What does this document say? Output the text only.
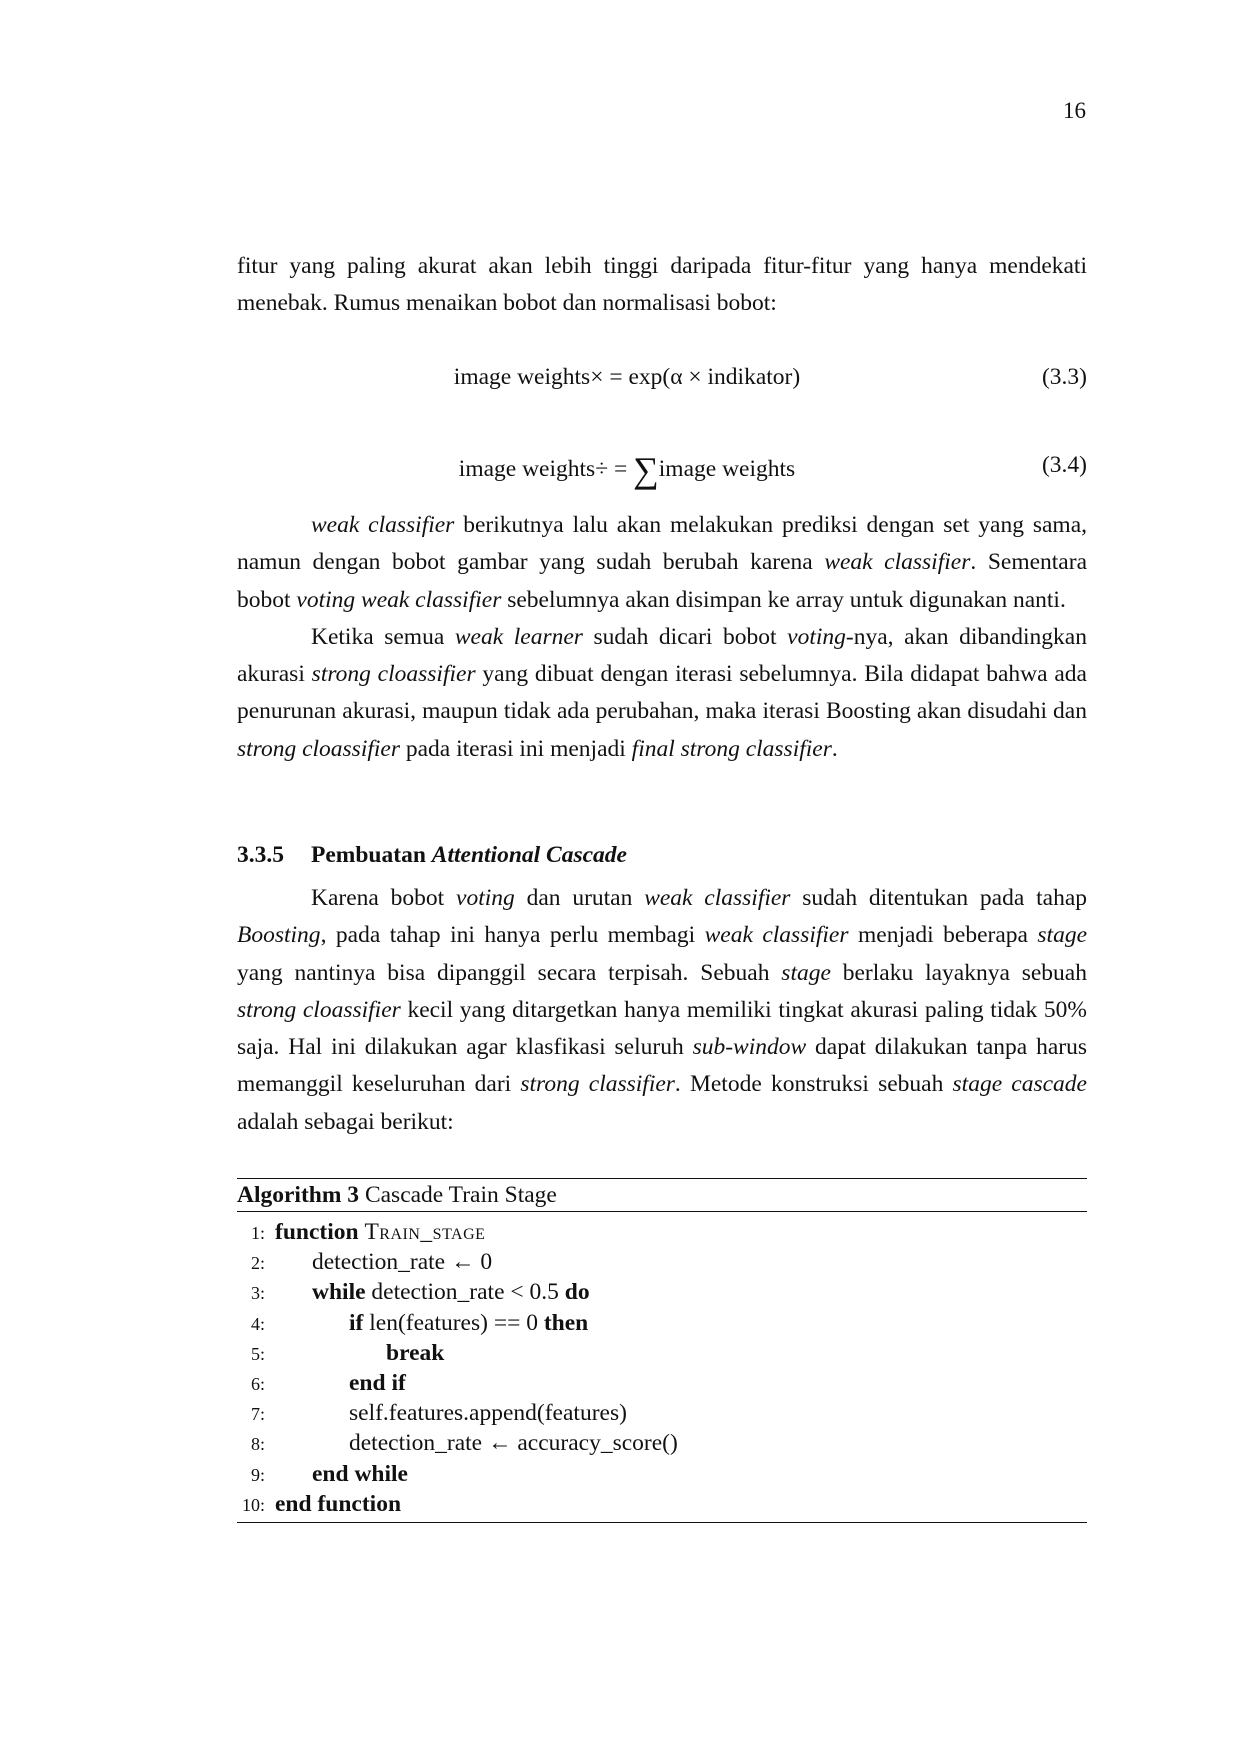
16

fitur yang paling akurat akan lebih tinggi daripada fitur-fitur yang hanya mendekati menebak. Rumus menaikan bobot dan normalisasi bobot:

image weights× = exp(α × indikator)	(3.3)
image weights÷ = ∑image weights	(3.4)

weak classifier berikutnya lalu akan melakukan prediksi dengan set yang sama, namun dengan bobot gambar yang sudah berubah karena weak classifier. Sementara bobot voting weak classifier sebelumnya akan disimpan ke array untuk digunakan nanti.

Ketika semua weak learner sudah dicari bobot voting-nya, akan dibandingkan akurasi strong cloassifier yang dibuat dengan iterasi sebelumnya. Bila didapat bahwa ada penurunan akurasi, maupun tidak ada perubahan, maka iterasi Boosting akan disudahi dan strong cloassifier pada iterasi ini menjadi final strong classifier.

3.3.5 Pembuatan Attentional Cascade

Karena bobot voting dan urutan weak classifier sudah ditentukan pada tahap Boosting, pada tahap ini hanya perlu membagi weak classifier menjadi beberapa stage yang nantinya bisa dipanggil secara terpisah. Sebuah stage berlaku layaknya sebuah strong cloassifier kecil yang ditargetkan hanya memiliki tingkat akurasi paling tidak 50% saja. Hal ini dilakukan agar klasfikasi seluruh sub-window dapat dilakukan tanpa harus memanggil keseluruhan dari strong classifier. Metode konstruksi sebuah stage cascade adalah sebagai berikut:

Algorithm 3 Cascade Train Stage
1: function Train_stage
2: detection_rate ← 0
3: while detection_rate < 0.5 do
4:	if len(features) == 0 then
5:	break
6:	end if
7:	self.features.append(features)
8:	detection_rate ← accuracy_score()
9: end while
10: end function
